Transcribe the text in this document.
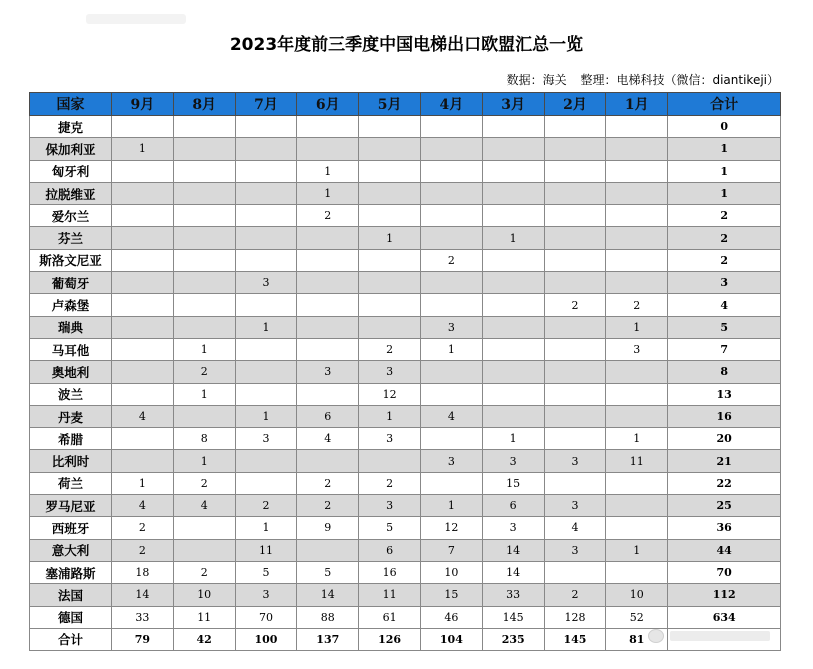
2023年度前三季度中国电梯出口欧盟汇总一览
数据：海关 整理：电梯科技（微信：diantikeji）
国家	9月	8月	7月	6月	5月	4月	3月	2月	1月	合计
捷克										0
保加利亚	1									1
匈牙利				1						1
拉脱维亚				1						1
爱尔兰				2						2
芬兰					1		1			2
斯洛文尼亚						2				2
葡萄牙			3							3
卢森堡								2	2	4
瑞典			1			3			1	5
马耳他		1			2	1			3	7
奥地利		2		3	3					8
波兰		1			12					13
丹麦	4		1	6	1	4				16
希腊		8	3	4	3		1		1	20
比利时		1				3	3	3	11	21
荷兰	1	2		2	2		15			22
罗马尼亚	4	4	2	2	3	1	6	3		25
西班牙	2		1	9	5	12	3	4		36
意大利	2		11		6	7	14	3	1	44
塞浦路斯	18	2	5	5	16	10	14			70
法国	14	10	3	14	11	15	33	2	10	112
德国	33	11	70	88	61	46	145	128	52	634
合计	79	42	100	137	126	104	235	145	81	
